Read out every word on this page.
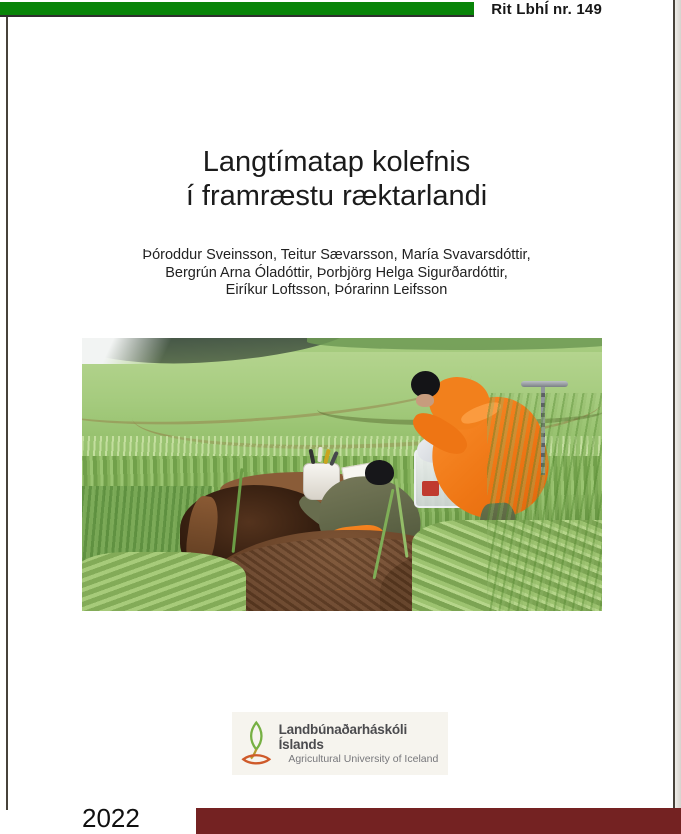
Rit LbhÍ nr. 149
Langtímatap kolefnis
í framræstu ræktarlandi
Þóroddur Sveinsson, Teitur Sævarsson, María Svavarsdóttir,
Bergrún Arna Óladóttir, Þorbjörg Helga Sigurðardóttir,
Eiríkur Loftsson, Þórarinn Leifsson
Landbúnaðarháskóli Íslands
Agricultural University of Iceland
2022
